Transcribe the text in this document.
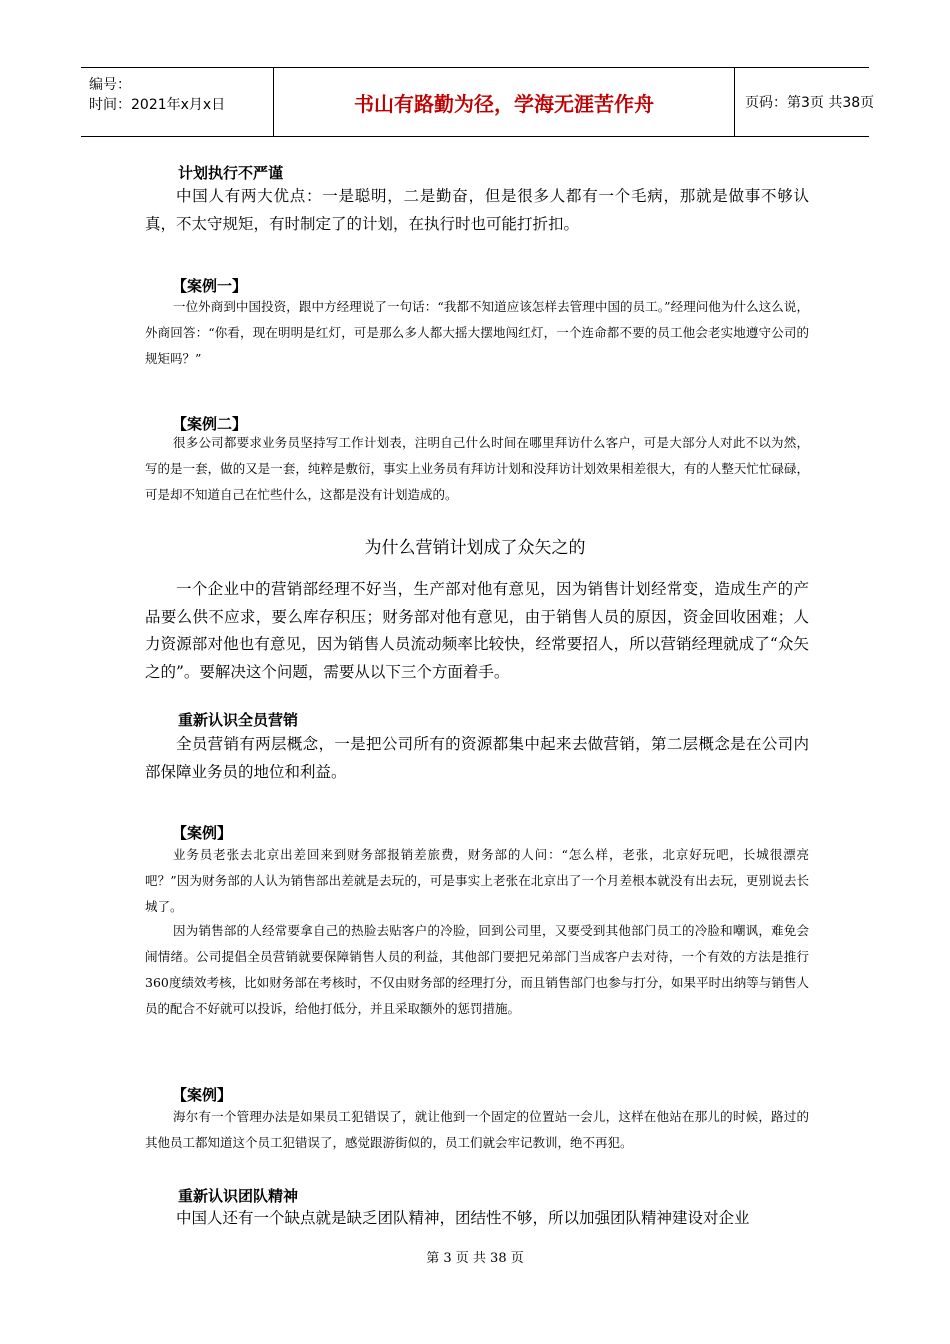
编号：
时间：2021年x月x日	书山有路勤为径，学海无涯苦作舟	页码：第3页 共38页
计划执行不严谨

中国人有两大优点：一是聪明，二是勤奋，但是很多人都有一个毛病，那就是做事不够认真，不太守规矩，有时制定了的计划，在执行时也可能打折扣。

【案例一】

一位外商到中国投资，跟中方经理说了一句话：“我都不知道应该怎样去管理中国的员工。”经理问他为什么这么说，外商回答：“你看，现在明明是红灯，可是那么多人都大摇大摆地闯红灯，一个连命都不要的员工他会老实地遵守公司的规矩吗？”

【案例二】

很多公司都要求业务员坚持写工作计划表，注明自己什么时间在哪里拜访什么客户，可是大部分人对此不以为然，写的是一套，做的又是一套，纯粹是敷衍，事实上业务员有拜访计划和没拜访计划效果相差很大，有的人整天忙忙碌碌，可是却不知道自己在忙些什么，这都是没有计划造成的。

为什么营销计划成了众矢之的

一个企业中的营销部经理不好当，生产部对他有意见，因为销售计划经常变，造成生产的产品要么供不应求，要么库存积压；财务部对他有意见，由于销售人员的原因，资金回收困难；人力资源部对他也有意见，因为销售人员流动频率比较快，经常要招人，所以营销经理就成了“众矢之的”。要解决这个问题，需要从以下三个方面着手。

重新认识全员营销

全员营销有两层概念，一是把公司所有的资源都集中起来去做营销，第二层概念是在公司内部保障业务员的地位和利益。

【案例】

业务员老张去北京出差回来到财务部报销差旅费，财务部的人问：“怎么样，老张，北京好玩吧，长城很漂亮吧？”因为财务部的人认为销售部出差就是去玩的，可是事实上老张在北京出了一个月差根本就没有出去玩，更别说去长城了。

因为销售部的人经常要拿自己的热脸去贴客户的冷脸，回到公司里，又要受到其他部门员工的冷脸和嘲讽，难免会闹情绪。公司提倡全员营销就要保障销售人员的利益，其他部门要把兄弟部门当成客户去对待，一个有效的方法是推行360度绩效考核，比如财务部在考核时，不仅由财务部的经理打分，而且销售部门也参与打分，如果平时出纳等与销售人员的配合不好就可以投诉，给他打低分，并且采取额外的惩罚措施。

【案例】

海尔有一个管理办法是如果员工犯错误了，就让他到一个固定的位置站一会儿，这样在他站在那儿的时候，路过的其他员工都知道这个员工犯错误了，感觉跟游街似的，员工们就会牢记教训，绝不再犯。

重新认识团队精神

中国人还有一个缺点就是缺乏团队精神，团结性不够，所以加强团队精神建设对企业

第 3 页 共 38 页
